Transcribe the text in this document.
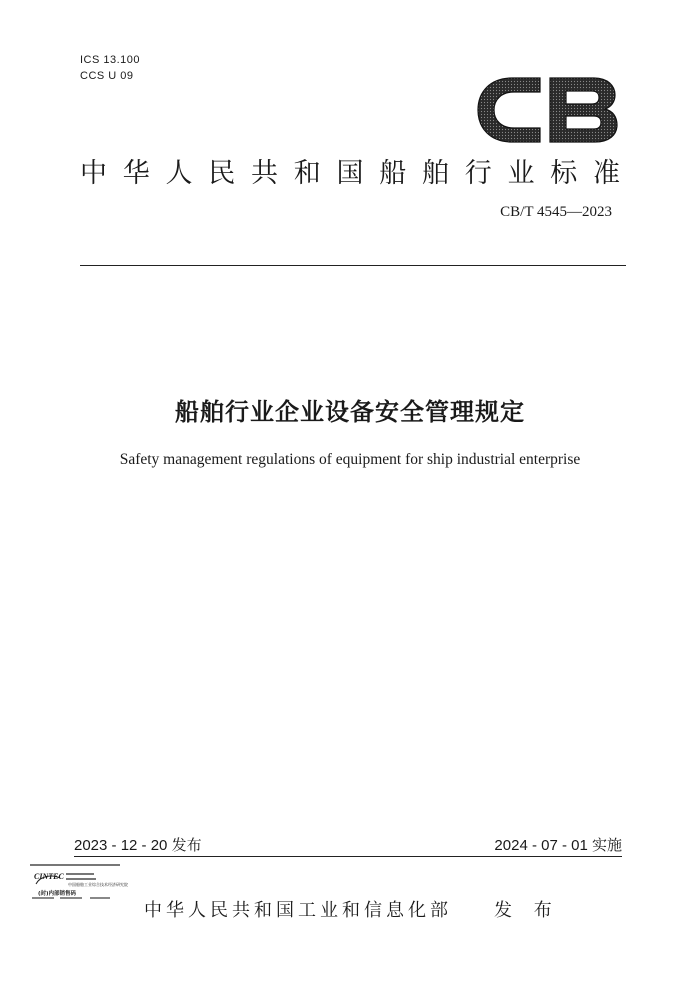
ICS 13.100
CCS U 09
中 华 人 民 共 和 国 船 舶 行 业 标 准
CB/T 4545—2023
船舶行业企业设备安全管理规定
Safety management regulations of equipment for ship industrial enterprise
2023 - 12 - 20 发布	2024 - 07 - 01 实施
CINTEC
中国船舶工业综合技术经济研究院
(封)内部销售码
中华人民共和国工业和信息化部 发 布
